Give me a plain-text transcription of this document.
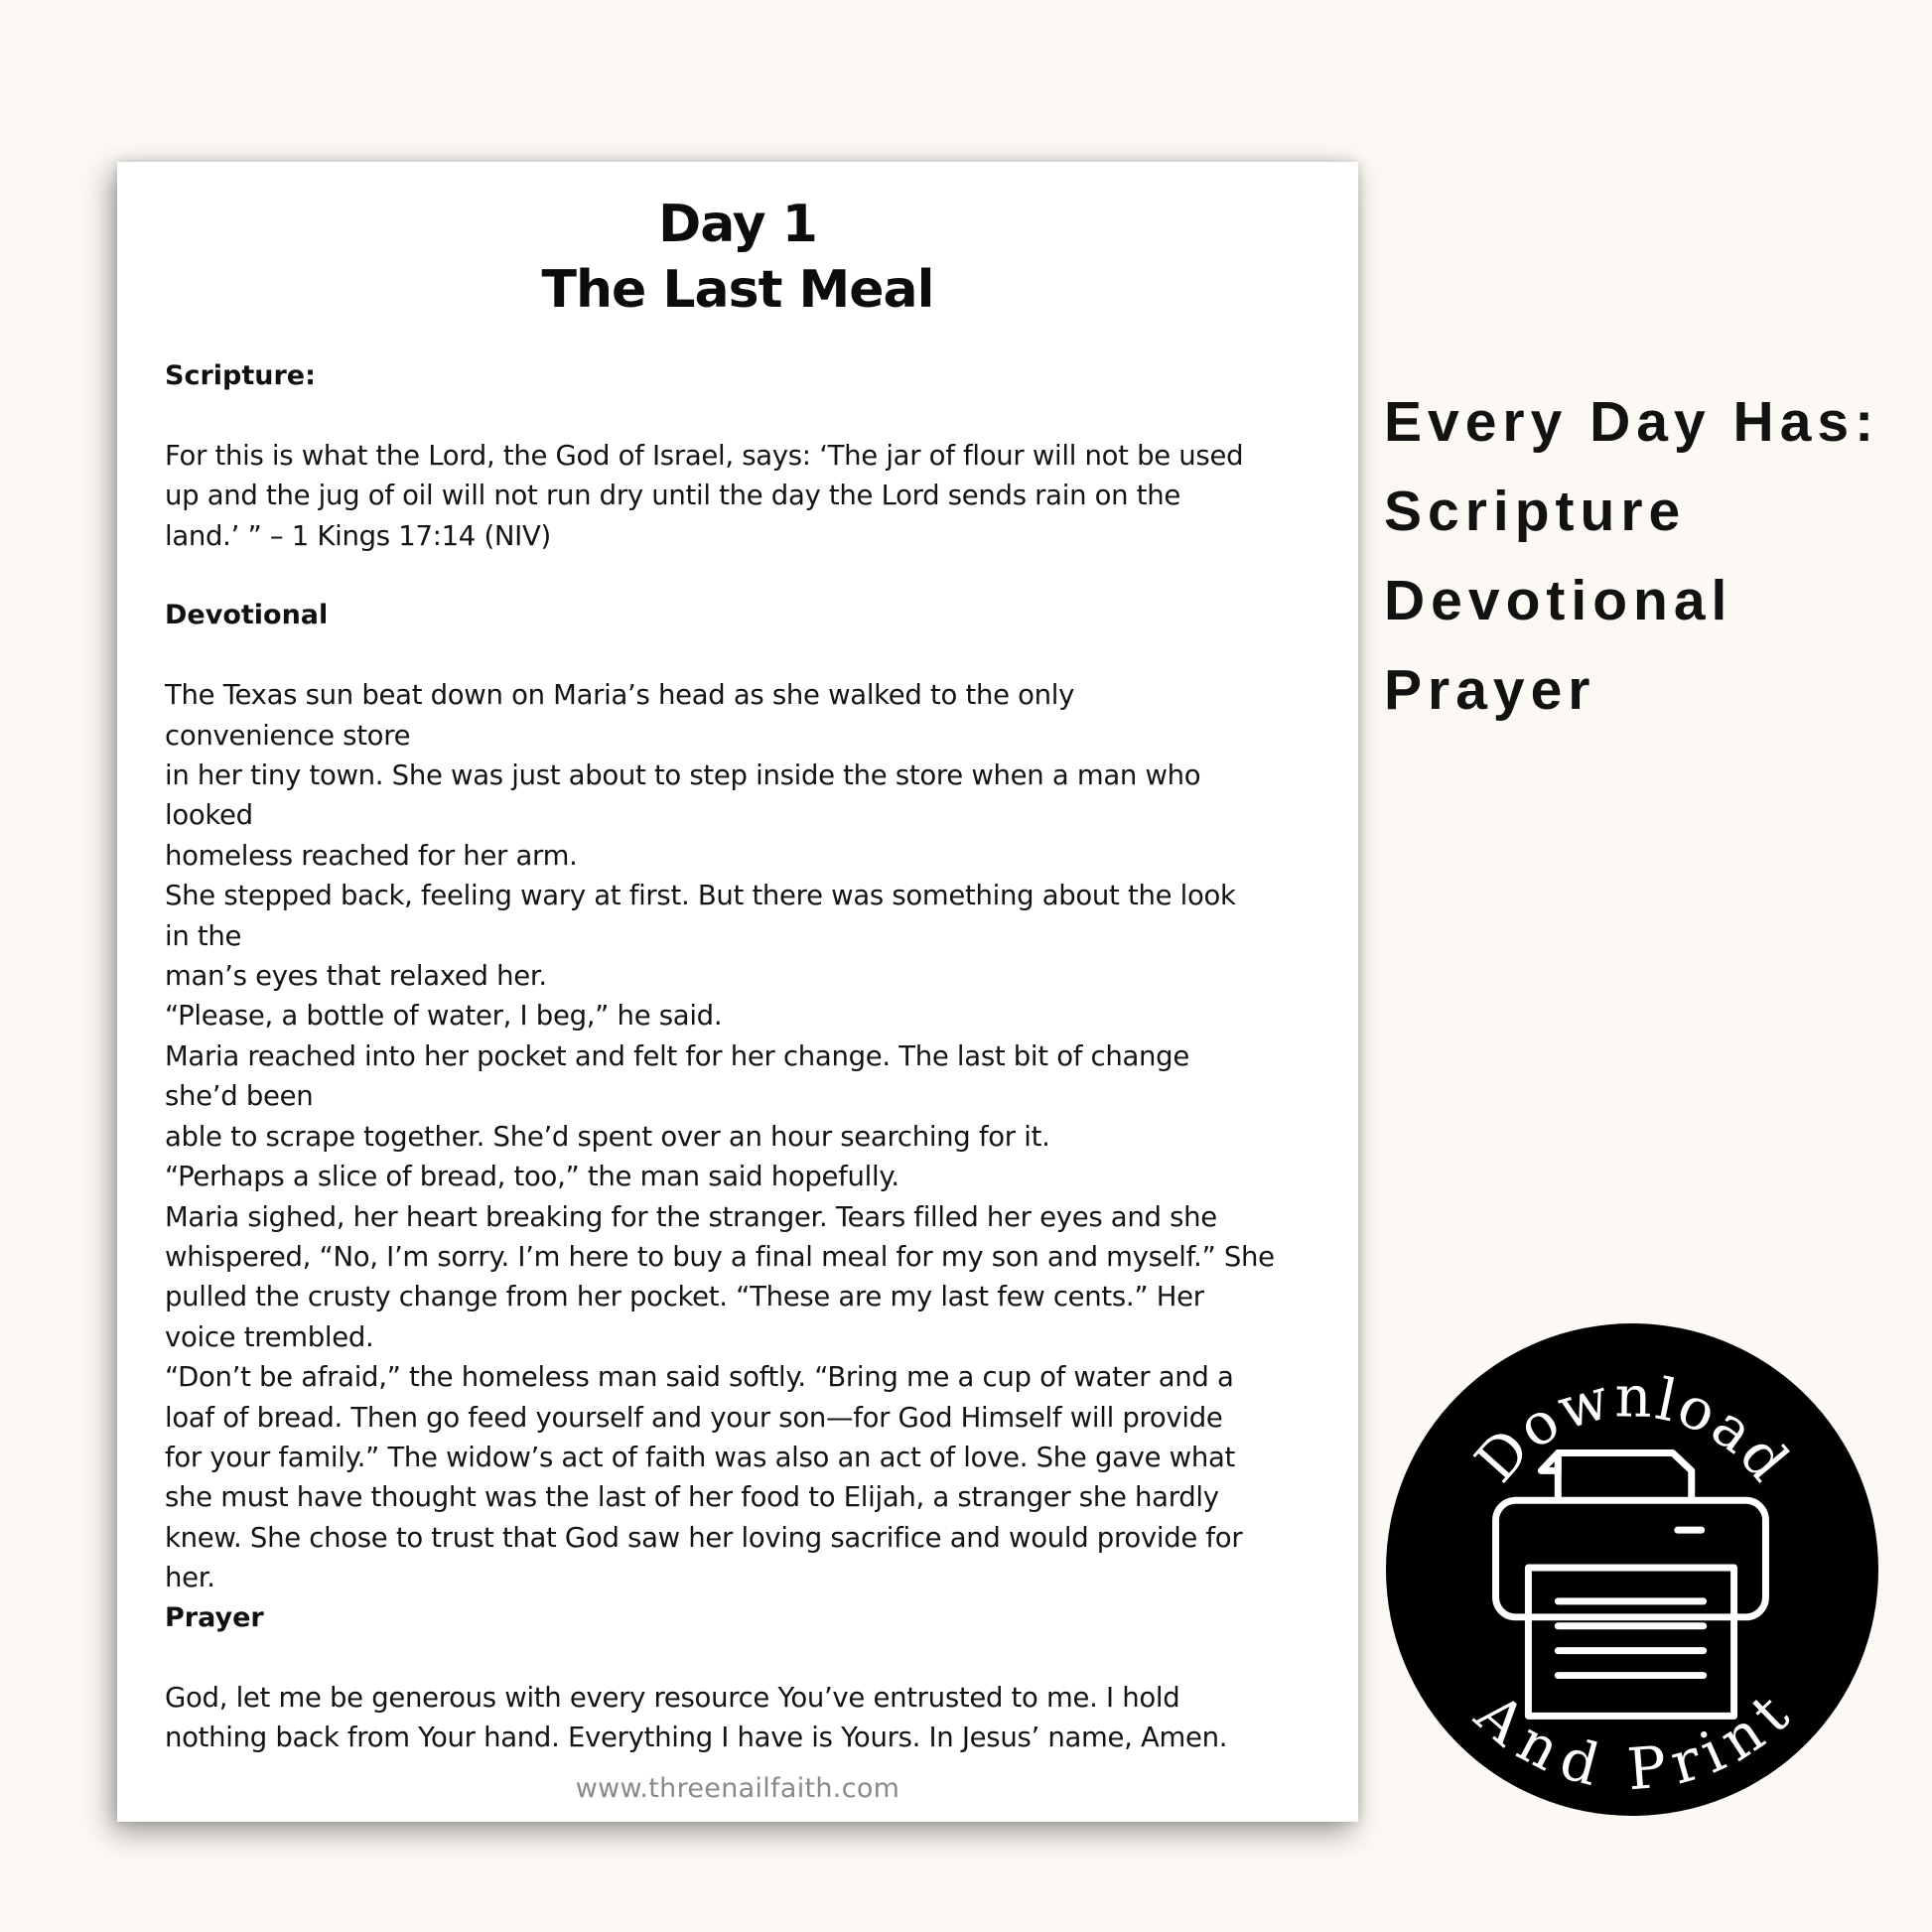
Day 1
The Last Meal

Scripture:

For this is what the Lord, the God of Israel, says: ‘The jar of flour will not be used
up and the jug of oil will not run dry until the day the Lord sends rain on the
land.’ ” – 1 Kings 17:14 (NIV)

Devotional

The Texas sun beat down on Maria’s head as she walked to the only
convenience store
in her tiny town. She was just about to step inside the store when a man who
looked
homeless reached for her arm.
She stepped back, feeling wary at first. But there was something about the look
in the
man’s eyes that relaxed her.
“Please, a bottle of water, I beg,” he said.
Maria reached into her pocket and felt for her change. The last bit of change
she’d been
able to scrape together. She’d spent over an hour searching for it.
“Perhaps a slice of bread, too,” the man said hopefully.
Maria sighed, her heart breaking for the stranger. Tears filled her eyes and she
whispered, “No, I’m sorry. I’m here to buy a final meal for my son and myself.” She
pulled the crusty change from her pocket. “These are my last few cents.” Her
voice trembled.
“Don’t be afraid,” the homeless man said softly. “Bring me a cup of water and a
loaf of bread. Then go feed yourself and your son—for God Himself will provide
for your family.” The widow’s act of faith was also an act of love. She gave what
she must have thought was the last of her food to Elijah, a stranger she hardly
knew. She chose to trust that God saw her loving sacrifice and would provide for
her.

Prayer

God, let me be generous with every resource You’ve entrusted to me. I hold
nothing back from Your hand. Everything I have is Yours. In Jesus’ name, Amen.
www.threenailfaith.com
Every Day Has:
Scripture
Devotional
Prayer
Download
And Print
